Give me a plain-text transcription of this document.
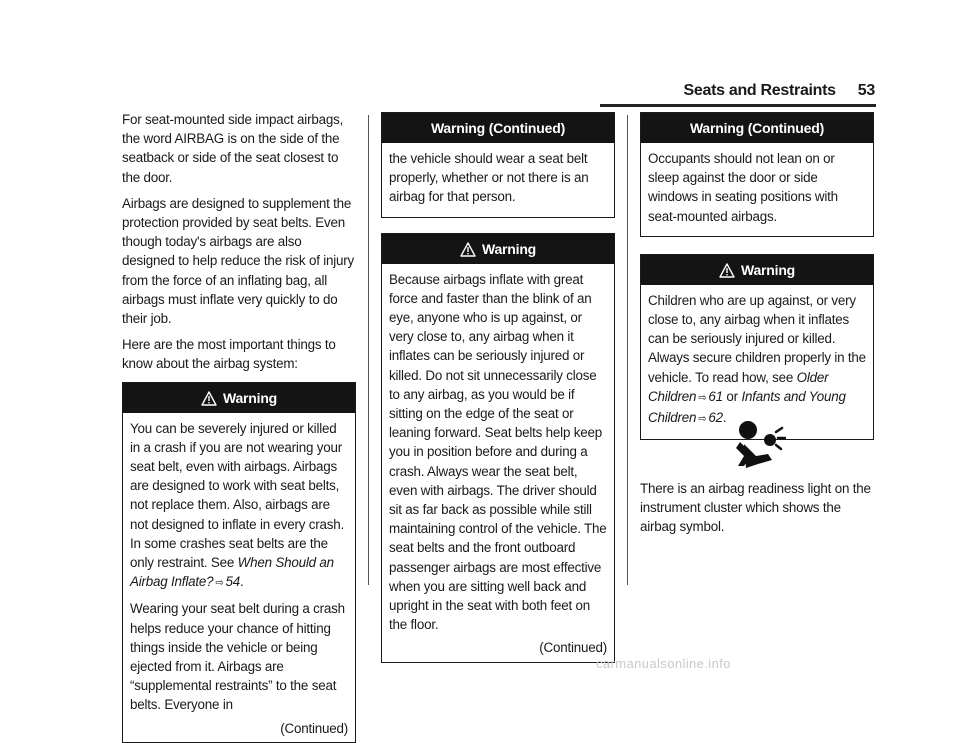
Seats and Restraints 53

For seat-mounted side impact airbags, the word AIRBAG is on the side of the seatback or side of the seat closest to the door.

Airbags are designed to supplement the protection provided by seat belts. Even though today's airbags are also designed to help reduce the risk of injury from the force of an inflating bag, all airbags must inflate very quickly to do their job.

Here are the most important things to know about the airbag system:

Warning

You can be severely injured or killed in a crash if you are not wearing your seat belt, even with airbags. Airbags are designed to work with seat belts, not replace them. Also, airbags are not designed to inflate in every crash. In some crashes seat belts are the only restraint. See When Should an Airbag Inflate? ⇨ 54.

Wearing your seat belt during a crash helps reduce your chance of hitting things inside the vehicle or being ejected from it. Airbags are “supplemental restraints” to the seat belts. Everyone in

(Continued)
Warning (Continued)

the vehicle should wear a seat belt properly, whether or not there is an airbag for that person.

Warning

Because airbags inflate with great force and faster than the blink of an eye, anyone who is up against, or very close to, any airbag when it inflates can be seriously injured or killed. Do not sit unnecessarily close to any airbag, as you would be if sitting on the edge of the seat or leaning forward. Seat belts help keep you in position before and during a crash. Always wear the seat belt, even with airbags. The driver should sit as far back as possible while still maintaining control of the vehicle. The seat belts and the front outboard passenger airbags are most effective when you are sitting well back and upright in the seat with both feet on the floor.

(Continued)
Warning (Continued)

Occupants should not lean on or sleep against the door or side windows in seating positions with seat-mounted airbags.

Warning

Children who are up against, or very close to, any airbag when it inflates can be seriously injured or killed. Always secure children properly in the vehicle. To read how, see Older Children ⇨ 61 or Infants and Young Children ⇨ 62.

There is an airbag readiness light on the instrument cluster which shows the airbag symbol.

carmanualsonline.info
